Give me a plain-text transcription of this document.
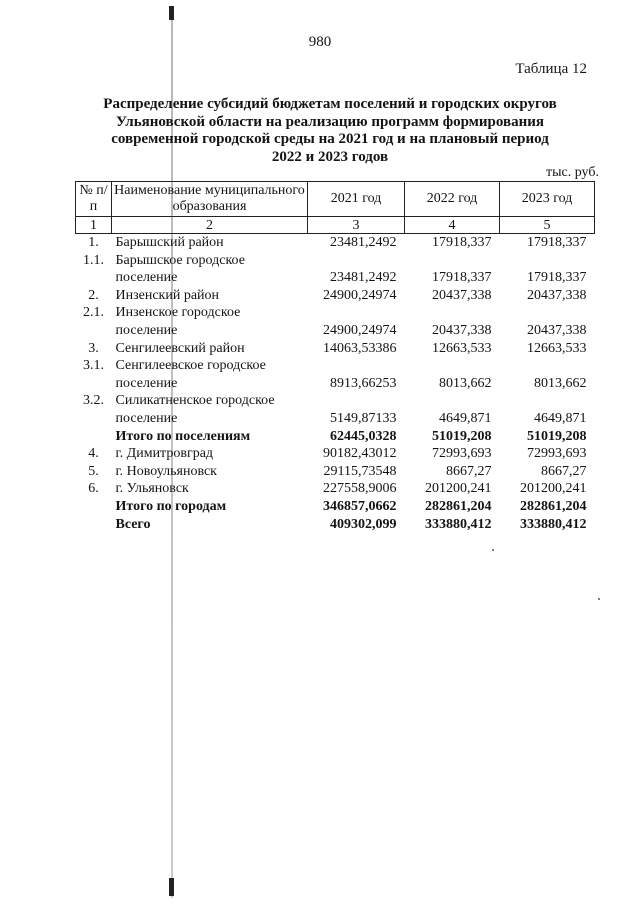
980
Таблица 12
Распределение субсидий бюджетам поселений и городских округов
Ульяновской области на реализацию программ формирования
современной городской среды на 2021 год и на плановый период
2022 и 2023 годов
тыс. руб.
№ п/п	Наименование муниципального образования	2021 год	2022 год	2023 год
1	2	3	4	5
1.	Барышский район	23481,2492	17918,337	17918,337
1.1.	Барышское городское
поселение	23481,2492	17918,337	17918,337
2.	Инзенский район	24900,24974	20437,338	20437,338
2.1.	Инзенское городское
поселение	24900,24974	20437,338	20437,338
3.	Сенгилеевский район	14063,53386	12663,533	12663,533
3.1.	Сенгилеевское городское
поселение	8913,66253	8013,662	8013,662
3.2.	Силикатненское городское
поселение	5149,87133	4649,871	4649,871

	Итого по поселениям	62445,0328	51019,208	51019,208
4.	г. Димитровград	90182,43012	72993,693	72993,693
5.	г. Новоульяновск	29115,73548	8667,27	8667,27
6.	г. Ульяновск	227558,9006	201200,241	201200,241

	Итого по городам	346857,0662	282861,204	282861,204

	Всего	409302,099	333880,412	333880,412
